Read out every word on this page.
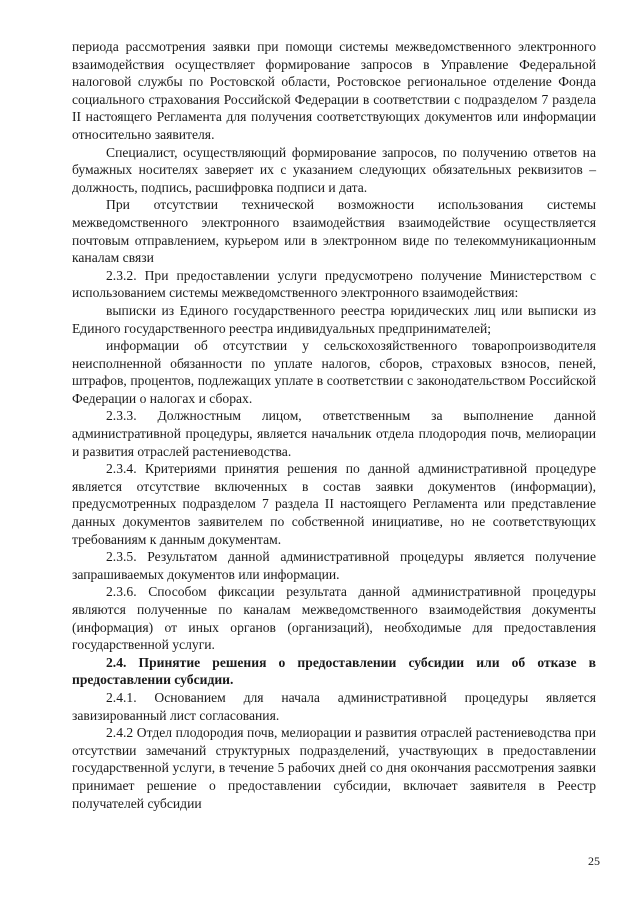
периода рассмотрения заявки при помощи системы межведомственного электронного взаимодействия осуществляет формирование запросов в Управление Федеральной налоговой службы по Ростовской области, Ростовское региональное отделение Фонда социального страхования Российской Федерации в соответствии с подразделом 7 раздела II настоящего Регламента для получения соответствующих документов или информации относительно заявителя.

Специалист, осуществляющий формирование запросов, по получению ответов на бумажных носителях заверяет их с указанием следующих обязательных реквизитов – должность, подпись, расшифровка подписи и дата.

При отсутствии технической возможности использования системы межведомственного электронного взаимодействия взаимодействие осуществляется почтовым отправлением, курьером или в электронном виде по телекоммуникационным каналам связи

2.3.2. При предоставлении услуги предусмотрено получение Министерством с использованием системы межведомственного электронного взаимодействия:

выписки из Единого государственного реестра юридических лиц или выписки из Единого государственного реестра индивидуальных предпринимателей;

информации об отсутствии у сельскохозяйственного товаропроизводителя неисполненной обязанности по уплате налогов, сборов, страховых взносов, пеней, штрафов, процентов, подлежащих уплате в соответствии с законодательством Российской Федерации о налогах и сборах.

2.3.3. Должностным лицом, ответственным за выполнение данной административной процедуры, является начальник отдела плодородия почв, мелиорации и развития отраслей растениеводства.

2.3.4. Критериями принятия решения по данной административной процедуре является отсутствие включенных в состав заявки документов (информации), предусмотренных подразделом 7 раздела II настоящего Регламента или представление данных документов заявителем по собственной инициативе, но не соответствующих требованиям к данным документам.

2.3.5. Результатом данной административной процедуры является получение запрашиваемых документов или информации.

2.3.6. Способом фиксации результата данной административной процедуры являются полученные по каналам межведомственного взаимодействия документы (информация) от иных органов (организаций), необходимые для предоставления государственной услуги.

2.4. Принятие решения о предоставлении субсидии или об отказе в предоставлении субсидии.

2.4.1. Основанием для начала административной процедуры является завизированный лист согласования.

2.4.2 Отдел плодородия почв, мелиорации и развития отраслей растениеводства при отсутствии замечаний структурных подразделений, участвующих в предоставлении государственной услуги, в течение 5 рабочих дней со дня окончания рассмотрения заявки принимает решение о предоставлении субсидии, включает заявителя в Реестр получателей субсидии

25
